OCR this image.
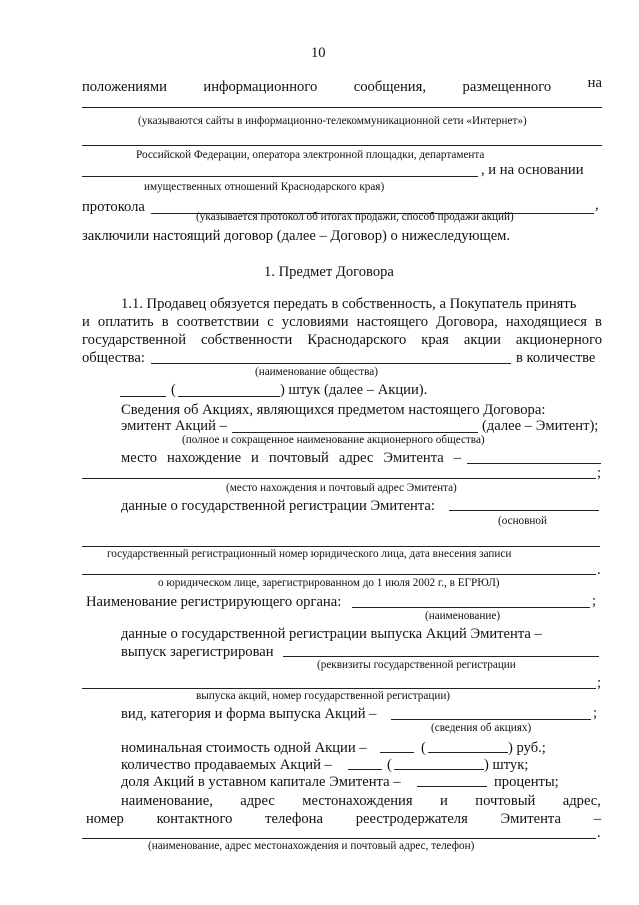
10
положениями	информационного	сообщения,	размещенного	на
(указываются сайты в информационно-телекоммуникационной сети «Интернет»)
Российской Федерации, оператора электронной площадки, департамента
, и на основании
имущественных отношений Краснодарского края)
протокола	,
(указывается протокол об итогах продажи, способ продажи акций)
заключили настоящий договор (далее – Договор) о нижеследующем.
1. Предмет Договора
1.1. Продавец обязуется передать в собственность, а Покупатель принять
и оплатить в соответствии с условиями настоящего Договора, находящиеся в
государственной собственности Краснодарского края акции акционерного
общества:	в количестве
(наименование общества)
(	) штук (далее – Акции).
Сведения об Акциях, являющихся предметом настоящего Договора:
эмитент Акций –	(далее – Эмитент);
(полное и сокращенное наименование акционерного общества)
место нахождение и почтовый адрес Эмитента –
;
(место нахождения и почтовый адрес Эмитента)
данные о государственной регистрации Эмитента:
(основной
государственный регистрационный номер юридического лица, дата внесения записи
.
о юридическом лице, зарегистрированном до 1 июля 2002 г., в ЕГРЮЛ)
Наименование регистрирующего органа:	;
(наименование)
данные о государственной регистрации выпуска Акций Эмитента –
выпуск зарегистрирован
(реквизиты государственной регистрации
;
выпуска акций, номер государственной регистрации)
вид, категория и форма выпуска Акций –	;
(сведения об акциях)
номинальная стоимость одной Акции –	(	) руб.;
количество продаваемых Акций –	(	) штук;
доля Акций в уставном капитале Эмитента –	проценты;
наименование, адрес местонахождения и почтовый адрес,
номер контактного телефона реестродержателя Эмитента –
.
(наименование, адрес местонахождения и почтовый адрес, телефон)
